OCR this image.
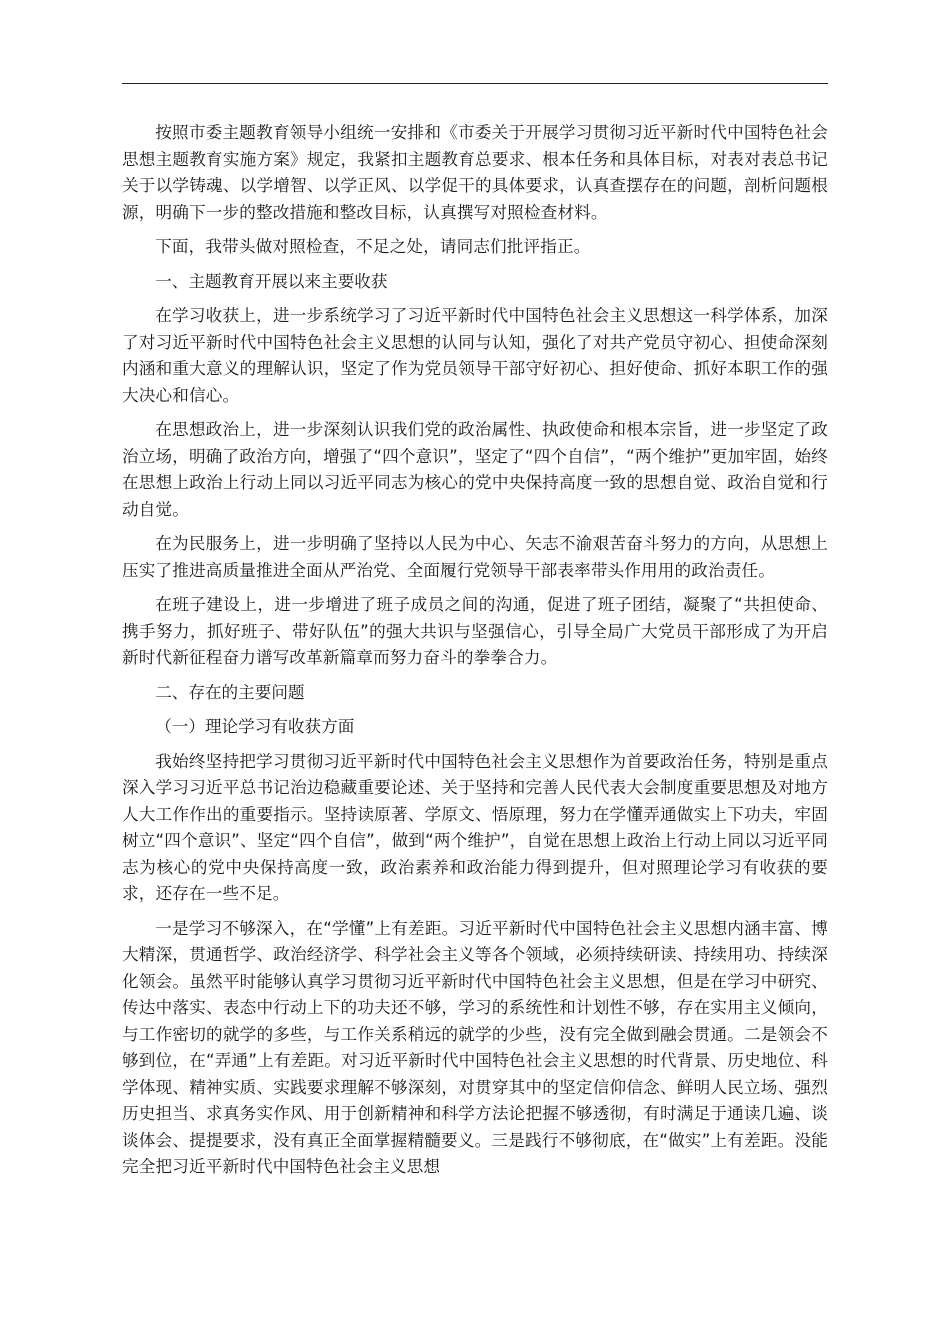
按照市委主题教育领导小组统一安排和《市委关于开展学习贯彻习近平新时代中国特色社会思想主题教育实施方案》规定，我紧扣主题教育总要求、根本任务和具体目标，对表对表总书记关于以学铸魂、以学增智、以学正风、以学促干的具体要求，认真查摆存在的问题，剖析问题根源，明确下一步的整改措施和整改目标，认真撰写对照检查材料。

下面，我带头做对照检查，不足之处，请同志们批评指正。

一、主题教育开展以来主要收获

在学习收获上，进一步系统学习了习近平新时代中国特色社会主义思想这一科学体系，加深了对习近平新时代中国特色社会主义思想的认同与认知，强化了对共产党员守初心、担使命深刻内涵和重大意义的理解认识，坚定了作为党员领导干部守好初心、担好使命、抓好本职工作的强大决心和信心。

在思想政治上，进一步深刻认识我们党的政治属性、执政使命和根本宗旨，进一步坚定了政治立场，明确了政治方向，增强了“四个意识”，坚定了“四个自信”，“两个维护”更加牢固，始终在思想上政治上行动上同以习近平同志为核心的党中央保持高度一致的思想自觉、政治自觉和行动自觉。

在为民服务上，进一步明确了坚持以人民为中心、矢志不渝艰苦奋斗努力的方向，从思想上压实了推进高质量推进全面从严治党、全面履行党领导干部表率带头作用用的政治责任。

在班子建设上，进一步增进了班子成员之间的沟通，促进了班子团结，凝聚了“共担使命、携手努力，抓好班子、带好队伍”的强大共识与坚强信心，引导全局广大党员干部形成了为开启新时代新征程奋力谱写改革新篇章而努力奋斗的拳拳合力。

二、存在的主要问题

（一）理论学习有收获方面

我始终坚持把学习贯彻习近平新时代中国特色社会主义思想作为首要政治任务，特别是重点深入学习习近平总书记治边稳藏重要论述、关于坚持和完善人民代表大会制度重要思想及对地方人大工作作出的重要指示。坚持读原著、学原文、悟原理，努力在学懂弄通做实上下功夫，牢固树立“四个意识”、坚定“四个自信”，做到“两个维护”，自觉在思想上政治上行动上同以习近平同志为核心的党中央保持高度一致，政治素养和政治能力得到提升，但对照理论学习有收获的要求，还存在一些不足。

一是学习不够深入，在“学懂”上有差距。习近平新时代中国特色社会主义思想内涵丰富、博大精深，贯通哲学、政治经济学、科学社会主义等各个领域，必须持续研读、持续用功、持续深化领会。虽然平时能够认真学习贯彻习近平新时代中国特色社会主义思想，但是在学习中研究、传达中落实、表态中行动上下的功夫还不够，学习的系统性和计划性不够，存在实用主义倾向，与工作密切的就学的多些，与工作关系稍远的就学的少些，没有完全做到融会贯通。二是领会不够到位，在“弄通”上有差距。对习近平新时代中国特色社会主义思想的时代背景、历史地位、科学体现、精神实质、实践要求理解不够深刻，对贯穿其中的坚定信仰信念、鲜明人民立场、强烈历史担当、求真务实作风、用于创新精神和科学方法论把握不够透彻，有时满足于通读几遍、谈谈体会、提提要求，没有真正全面掌握精髓要义。三是践行不够彻底，在“做实”上有差距。没能完全把习近平新时代中国特色社会主义思想
